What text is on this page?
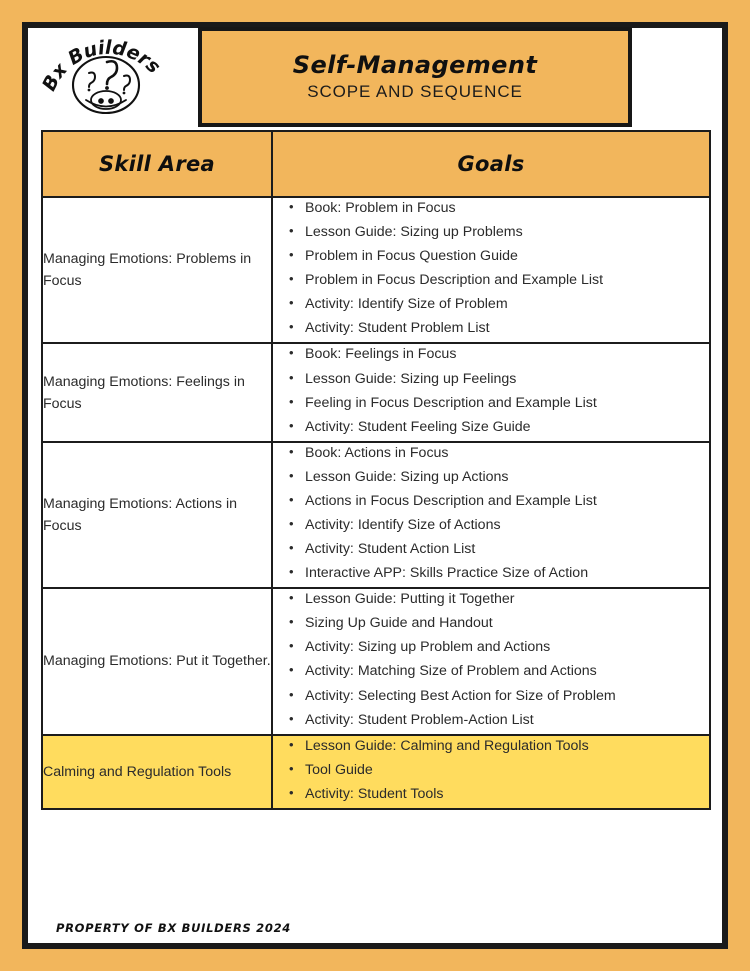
Bx Builders	Self-Management
SCOPE AND SEQUENCE
Skill Area	Goals

Managing Emotions: Problems in Focus

• Book: Problem in Focus
• Lesson Guide: Sizing up Problems
• Problem in Focus Question Guide
• Problem in Focus Description and Example List
• Activity: Identify Size of Problem
• Activity: Student Problem List

Managing Emotions: Feelings in Focus

• Book: Feelings in Focus
• Lesson Guide: Sizing up Feelings
• Feeling in Focus Description and Example List
• Activity: Student Feeling Size Guide

Managing Emotions: Actions in Focus

• Book: Actions in Focus
• Lesson Guide: Sizing up Actions
• Actions in Focus Description and Example List
• Activity: Identify Size of Actions
• Activity: Student Action List
• Interactive APP: Skills Practice Size of Action

Managing Emotions: Put it Together.

• Lesson Guide: Putting it Together
• Sizing Up Guide and Handout
• Activity: Sizing up Problem and Actions
• Activity: Matching Size of Problem and Actions
• Activity: Selecting Best Action for Size of Problem
• Activity: Student Problem-Action List

Calming and Regulation Tools

• Lesson Guide: Calming and Regulation Tools
• Tool Guide
• Activity: Student Tools
PROPERTY OF BX BUILDERS 2024
